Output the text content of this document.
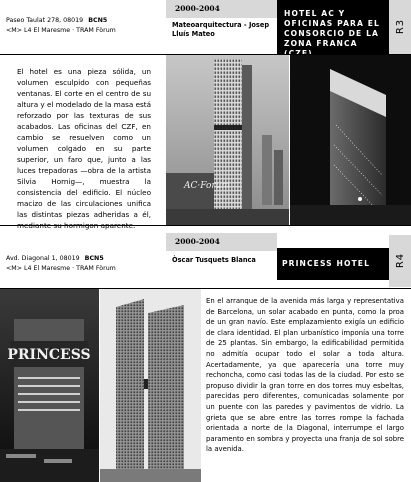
Paseo Taulat 278, 08019 BCN5
<M> L4 El Maresme · TRAM Fòrum
2000-2004
Mateoarquitectura - Josep Lluís Mateo
HOTEL AC Y OFICINAS PARA EL CONSORCIO DE LA ZONA FRANCA
R3
El hotel es una pieza sólida, un volumen esculpido con pequeñas ventanas. El corte en el centro de su altura y el modelado de la masa está reforzado por las texturas de sus acabados. Las oficinas del CZF, en cambio se resuelven como un volumen colgado en su parte superior, un faro que, junto a las luces trepadoras —obra de la artista Silvia Hornig—, muestra la consistencia del edificio. El núcleo macizo de las circulaciones unifica las distintas piezas adheridas a él,
AC·Forum
2000-2004
Avd. Diagonal 1, 08019 BCN5
<M> L4 El Maresme · TRAM Fòrum
Òscar Tusquets Blanca	PRINCESS HOTEL	R4
PRINCESS
En el arranque de la avenida más larga y representativa de Barcelona, un solar acabado en punta, como la proa de un gran navío. Este emplazamiento exigía un edificio de clara identidad. El plan urbanístico imponía una torre de 25 plantas. Sin embargo, la edificabilidad permitida no admitía ocupar todo el solar a toda altura. Acertadamente, ya que aparecería una torre muy rechoncha, como casi todas las de la ciudad. Por esto se propuso dividir la gran torre en dos torres muy esbeltas, parecidas pero diferentes, comunicadas solamente por un puente con las paredes y pavimentos de vidrio. La grieta que se abre entre las torres rompe la fachada orientada a norte de la Diagonal, interrumpe el largo paramento en sombra y proyecta una franja de sol sobre la avenida.
